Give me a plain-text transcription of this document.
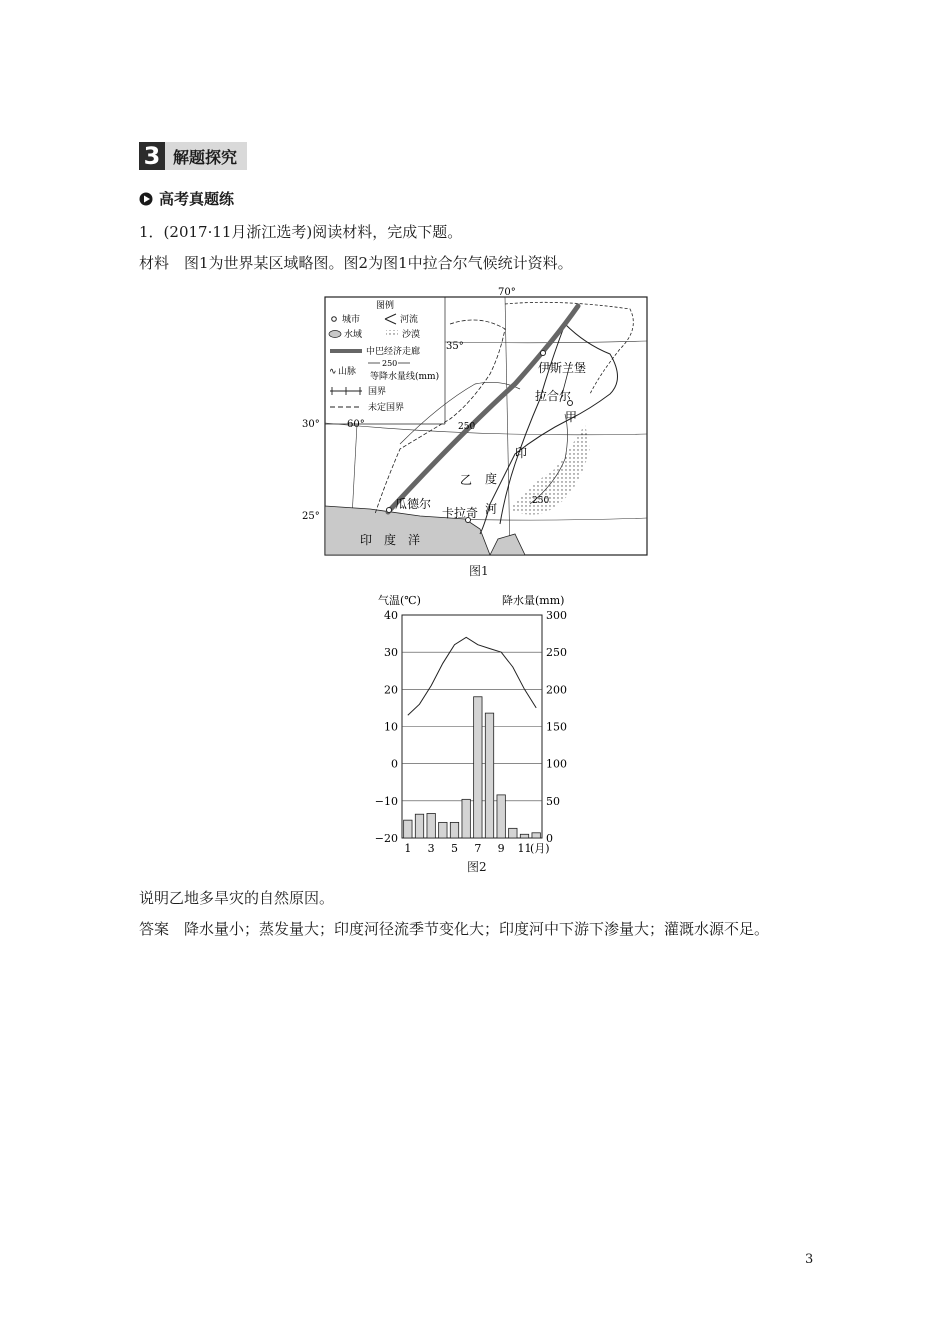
3 解题探究
高考真题练
1．(2017·11月浙江选考)阅读材料，完成下题。
材料　图1为世界某区域略图。图2为图1中拉合尔气候统计资料。
图例
城市	河流
水域	沙漠
中巴经济走廊
∿ 山脉
250
等降水量线(mm)
国界
未定国界
70°
35°
30°	60°
25°
伊斯兰堡
拉合尔
甲
瓜德尔
卡拉奇
乙
印
度
河
250
250
印　度　洋
图1
40	300
30	250
20	200
10	150
0	100
−10	50
−20	0
1 3 5 7 9 11
气温(℃)	降水量(mm)
(月)
图2
说明乙地多旱灾的自然原因。
答案　降水量小；蒸发量大；印度河径流季节变化大；印度河中下游下渗量大；灌溉水源不足。
3
